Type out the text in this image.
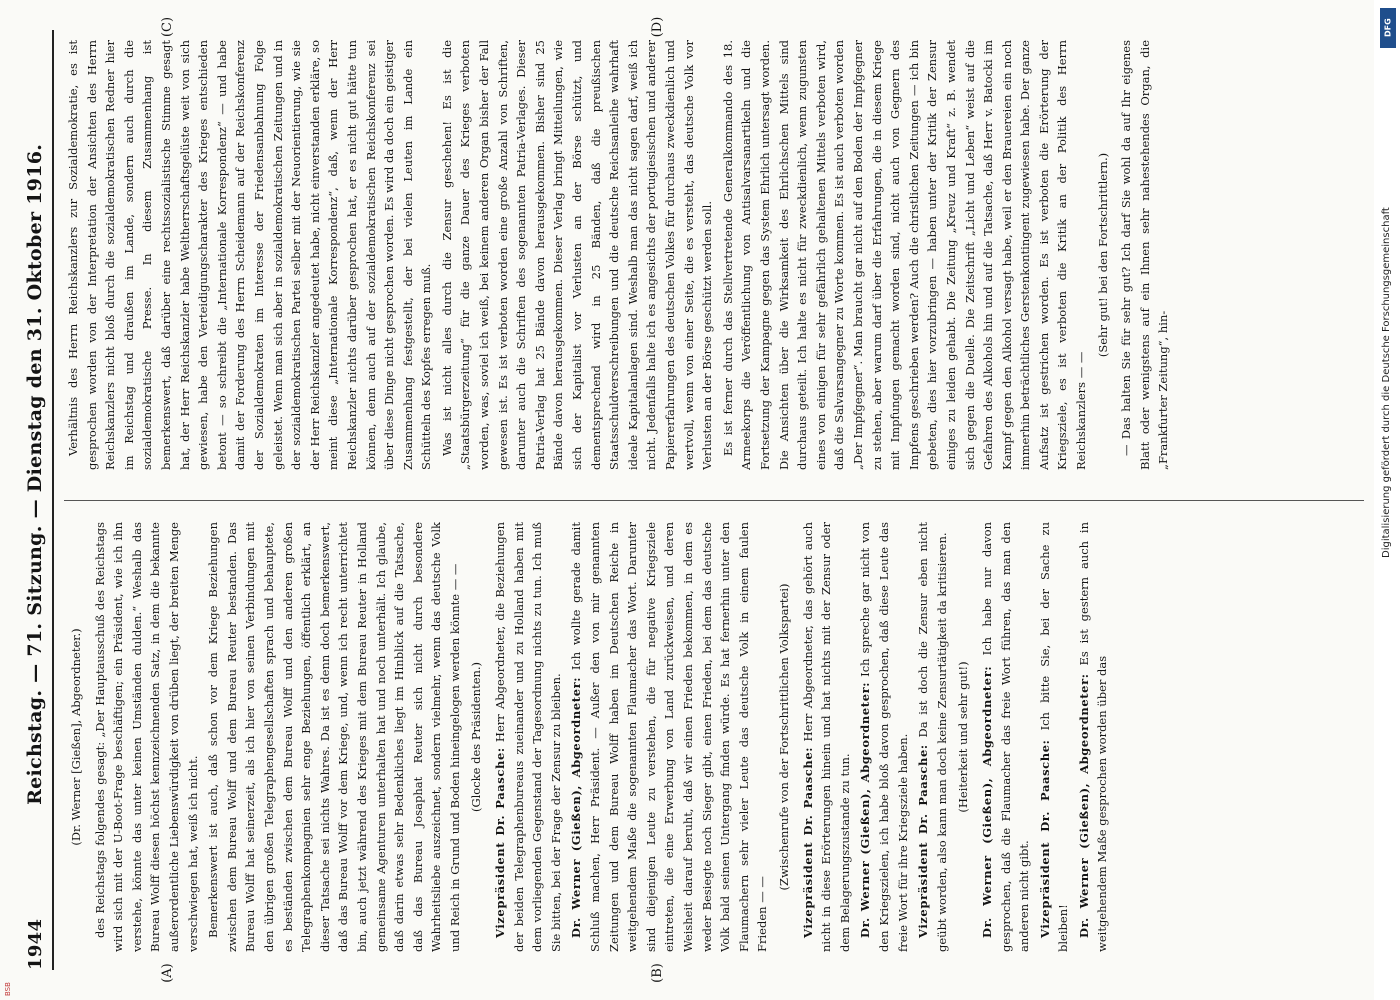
1944
Reichstag. — 71. Sitzung. — Dienstag den 31. Oktober 1916.
(A)	(B)
(C)	(D)

(Dr. Werner [Gießen], Abgeordneter.) des Reichstags folgendes gesagt: „Der Hauptausschuß des Reichstags wird sich mit der U-Boot-Frage beschäftigen; ein Präsident, wie ich ihn verstehe, könnte das unter keinen Umständen dulden.“ Weshalb das Bureau Wolff diesen höchst kennzeichnenden Satz, in dem die bekannte außerordentliche Liebenswürdigkeit von drüben liegt, der breiten Menge verschwiegen hat, weiß ich nicht. Bemerkenswert ist auch, daß schon vor dem Kriege Beziehungen zwischen dem Bureau Wolff und dem Bureau Reuter bestanden. Das Bureau Wolff hat seinerzeit, als ich hier von seinen Verbindungen mit den übrigen großen Telegraphengesellschaften sprach und behauptete, es beständen zwischen dem Bureau Wolff und den anderen großen Telegraphenkompagnien sehr enge Beziehungen, öffentlich erklärt, an dieser Tatsache sei nichts Wahres. Da ist es denn doch bemerkenswert, daß das Bureau Wolff vor dem Kriege, und, wenn ich recht unterrichtet bin, auch jetzt während des Krieges mit dem Bureau Reuter in Holland gemeinsame Agenturen unterhalten hat und noch unterhält. Ich glaube, daß darin etwas sehr Bedenkliches liegt im Hinblick auf die Tatsache, daß das Bureau Josaphat Reuter sich nicht durch besondere Wahrheitsliebe auszeichnet, sondern vielmehr, wenn das deutsche Volk und Reich in Grund und Boden hineingelogen werden könnte — — (Glocke des Präsidenten.)

Vizepräsident Dr. Paasche: Herr Abgeordneter, die Beziehungen der beiden Telegraphenbureaus zueinander und zu Holland haben mit dem vorliegenden Gegenstand der Tagesordnung nichts zu tun. Ich muß Sie bitten, bei der Frage der Zensur zu bleiben. Dr. Werner (Gießen), Abgeordneter: Ich wollte gerade damit Schluß machen, Herr Präsident. — Außer den von mir genannten Zeitungen und dem Bureau Wolff haben im Deutschen Reiche in weitgehendem Maße die sogenannten Flaumacher das Wort. Darunter sind diejenigen Leute zu verstehen, die für negative Kriegsziele eintreten, die eine Erwerbung von Land zurückweisen, und deren Weisheit darauf beruht, daß wir einen Frieden bekommen, in dem es weder Besiegte noch Sieger gibt, einen Frieden, bei dem das deutsche Volk bald seinen Untergang finden würde. Es hat fernerhin unter den Flaumachern sehr vieler Leute das deutsche Volk in einem faulen Frieden — —

(Zwischenrufe von der Fortschrittlichen Volkspartei) Vizepräsident Dr. Paasche: Herr Abgeordneter, das gehört auch nicht in diese Erörterungen hinein und hat nichts mit der Zensur oder dem Belagerungszustande zu tun. Dr. Werner (Gießen), Abgeordneter: Ich spreche gar nicht von den Kriegszielen, ich habe bloß davon gesprochen, daß diese Leute das freie Wort für ihre Kriegsziele haben. Vizepräsident Dr. Paasche: Da ist doch die Zensur eben nicht geübt worden, also kann man doch keine Zensurtätigkeit da kritisieren. (Heiterkeit und sehr gut!) Dr. Werner (Gießen), Abgeordneter: Ich habe nur davon gesprochen, daß die Flaumacher das freie Wort führen, das man den anderen nicht gibt. Vizepräsident Dr. Paasche: Ich bitte Sie, bei der Sache zu bleiben! Dr. Werner (Gießen), Abgeordneter: Es ist gestern auch in weitgehendem Maße gesprochen worden über das

Verhältnis des Herrn Reichskanzlers zur Sozialdemokratie, es ist gesprochen worden von der Interpretation der Ansichten des Herrn Reichskanzlers nicht bloß durch die sozialdemokratischen Redner hier im Reichstag und draußen im Lande, sondern auch durch die sozialdemokratische Presse. In diesem Zusammenhang ist bemerkenswert, daß darüber eine rechtssozialistische Stimme gesagt hat, der Herr Reichskanzler habe Weltherrschaftsgelüste weit von sich gewiesen, habe den Verteidigungscharakter des Krieges entschieden betont — so schreibt die „Internationale Korrespondenz“ — und habe damit der Forderung des Herrn Scheidemann auf der Reichskonferenz der Sozialdemokraten im Interesse der Friedensanbahnung Folge geleistet. Wenn man sich aber in sozialdemokratischen Zeitungen und in der sozialdemokratischen Partei selber mit der Neuorientierung, wie sie der Herr Reichskanzler angedeutet habe, nicht einverstanden erkläre, so meint diese „Internationale Korrespondenz“, daß, wenn der Herr Reichskanzler nichts darüber gesprochen hat, er es nicht gut hätte tun können, denn auch auf der sozialdemokratischen Reichskonferenz sei über diese Dinge nicht gesprochen worden. Es wird da doch ein geistiger Zusammenhang festgestellt, der bei vielen Leuten im Lande ein Schütteln des Kopfes erregen muß. Was ist nicht alles durch die Zensur geschehen! Es ist die „Staatsbürgerzeitung“ für die ganze Dauer des Krieges verboten worden, was, soviel ich weiß, bei keinem anderen Organ bisher der Fall gewesen ist. Es ist verboten worden eine große Anzahl von Schriften, darunter auch die Schriften des sogenannten Patria-Verlages. Dieser Patria-Verlag hat 25 Bände davon herausgekommen. Bisher sind 25 Bände davon herausgekommen. Dieser Verlag bringt Mitteilungen, wie sich der Kapitalist vor Verlusten an der Börse schützt, und dementsprechend wird in 25 Bänden, daß die preußischen Staatsschuldverschreibungen und die deutsche Reichsanleihe wahrhaft ideale Kapitalanlagen sind. Weshalb man das nicht sagen darf, weiß ich nicht. Jedenfalls halte ich es angesichts der portugiesischen und anderer Papiererfahrungen des deutschen Volkes für durchaus zweckdienlich und wertvoll, wenn von einer Seite, die es versteht, das deutsche Volk vor Verlusten an der Börse geschützt werden soll. Es ist ferner durch das Stellvertretende Generalkommando des 18. Armeekorps die Veröffentlichung von Antisalvarsanartikeln und die Fortsetzung der Kampagne gegen das System Ehrlich untersagt worden. Die Ansichten über die Wirksamkeit des Ehrlichschen Mittels sind durchaus geteilt. Ich halte es nicht für zweckdienlich, wenn zugunsten eines von einigen für sehr gefährlich gehaltenen Mittels verboten wird, daß die Salvarsangegner zu Worte kommen. Es ist auch verboten worden „Der Impfgegner“. Man braucht gar nicht auf den Boden der Impfgegner zu stehen, aber warum darf über die Erfahrungen, die in diesem Kriege mit Impfungen gemacht worden sind, nicht auch von Gegnern des Impfens geschrieben werden? Auch die christlichen Zeitungen — ich bin gebeten, dies hier vorzubringen — haben unter der Kritik der Zensur einiges zu leiden gehabt. Die Zeitung „Kreuz und Kraft“ z. B. wendet sich gegen die Duelle. Die Zeitschrift „Licht und Leben“ weist auf die Gefahren des Alkohols hin und auf die Tatsache, daß Herr v. Batocki im Kampf gegen den Alkohol versagt habe, weil er den Brauereien ein noch immerhin beträchtliches Gerstenkontingent zugewiesen habe. Der ganze Aufsatz ist gestrichen worden. Es ist verboten die Erörterung der Kriegsziele, es ist verboten die Kritik an der Politik des Herrn Reichskanzlers — —

(Sehr gut! bei den Fortschrittlern.) — Das halten Sie für sehr gut? Ich darf Sie wohl da auf Ihr eigenes Blatt oder wenigstens auf ein Ihnen sehr nahestehendes Organ, die „Frankfurter Zeitung“, hin-

DFG
Digitalisierung gefördert durch die Deutsche Forschungsgemeinschaft
BSB
